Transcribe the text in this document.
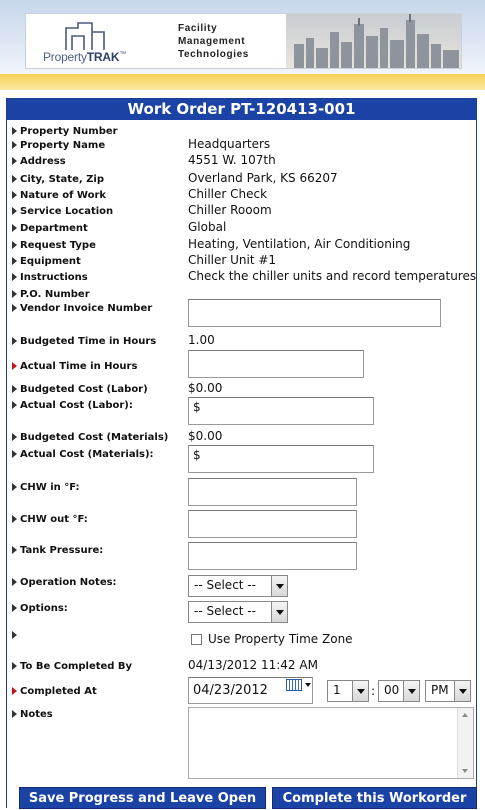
PropertyTRAK™
Facility
Management
Technologies
Work Order PT-120413-001
Property Number
Property Name	Headquarters
Address	4551 W. 107th
City, State, Zip	Overland Park, KS 66207
Nature of Work	Chiller Check
Service Location	Chiller Rooom
Department	Global
Request Type	Heating, Ventilation, Air Conditioning
Equipment	Chiller Unit #1
Instructions	Check the chiller units and record temperatures
P.O. Number
Vendor Invoice Number
Budgeted Time in Hours	1.00
Actual Time in Hours
Budgeted Cost (Labor)	$0.00
Actual Cost (Labor):	$
Budgeted Cost (Materials) $0.00
Actual Cost (Materials):	$
CHW in °F:
CHW out °F:
Tank Pressure:
Operation Notes:	-- Select --
Options:	-- Select --
Use Property Time Zone
To Be Completed By	04/13/2012 11:42 AM
Completed At	04/23/2012	1	: 00	PM
Notes
Save Progress and Leave Open	Complete this Workorder
